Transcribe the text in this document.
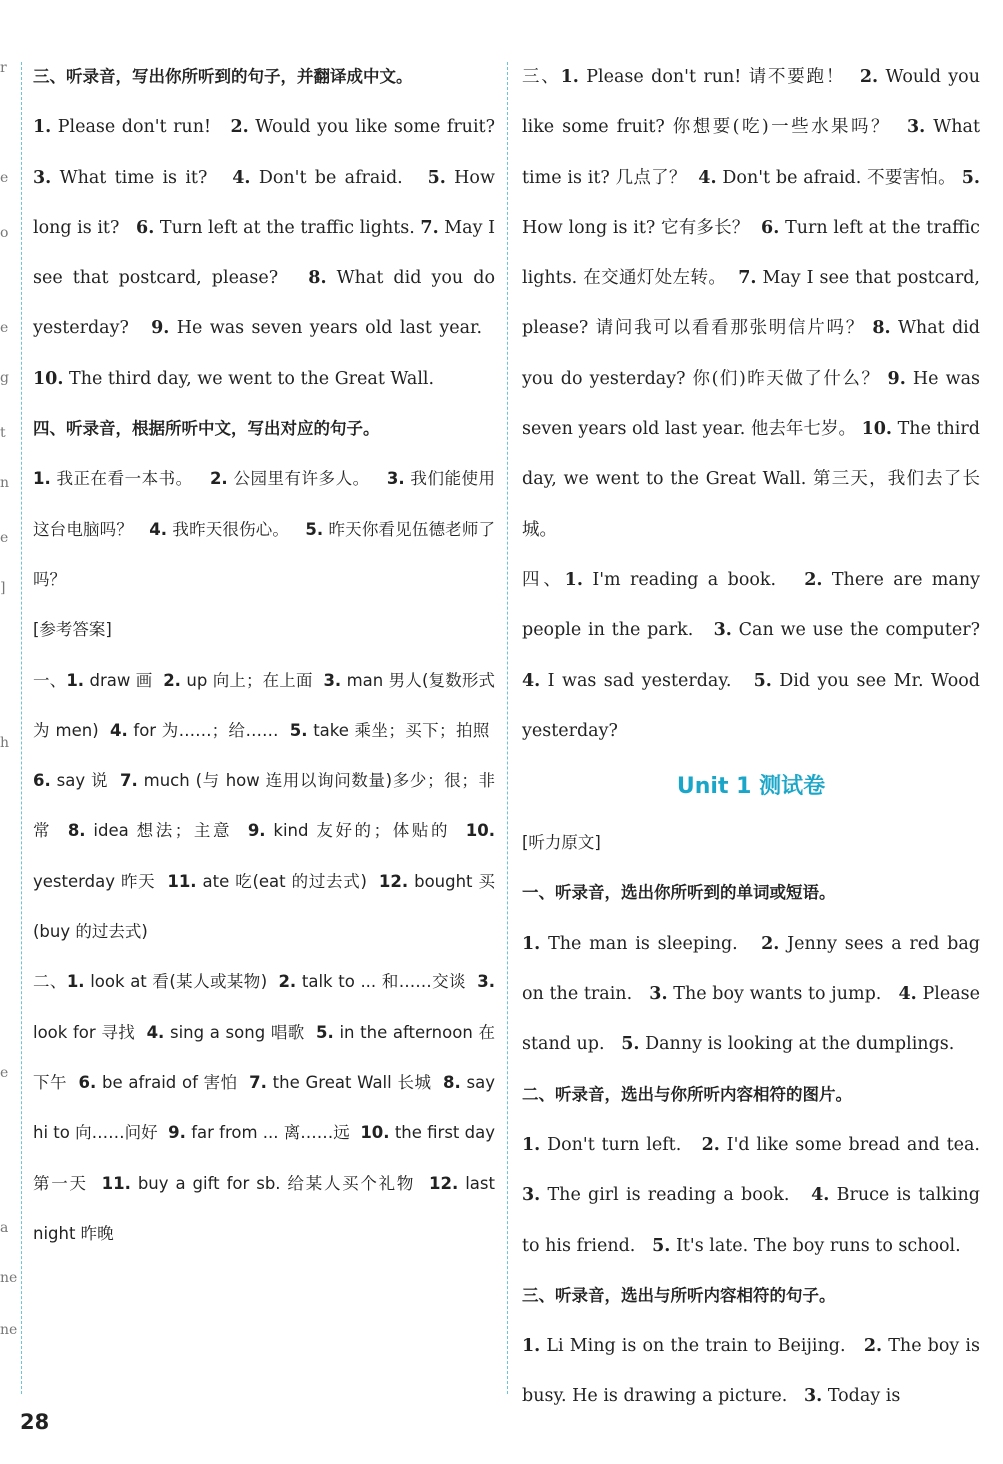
r
e
o
e
g
t
n
e
]
h
e
a
ne
ne

三、听录音，写出你所听到的句子，并翻译成中文。

1. Please don't run! 2. Would you like some fruit? 3. What time is it? 4. Don't be afraid. 5. How long is it? 6. Turn left at the traffic lights. 7. May I see that postcard, please? 8. What did you do yesterday? 9. He was seven years old last year.   10. The third day, we went to the Great Wall.

四、听录音，根据所听中文，写出对应的句子。

1. 我正在看一本书。 2. 公园里有许多人。 3. 我们能使用这台电脑吗？ 4. 我昨天很伤心。 5. 昨天你看见伍德老师了吗？

[参考答案]

一、1. draw 画 2. up 向上；在上面 3. man 男人(复数形式为 men) 4. for 为……；给…… 5. take 乘坐；买下；拍照  6. say 说 7. much (与 how 连用以询问数量)多少；很；非常 8. idea 想法；主意 9. kind 友好的；体贴的 10. yesterday 昨天 11. ate 吃(eat 的过去式) 12. bought 买(buy 的过去式)

二、1. look at 看(某人或某物) 2. talk to ... 和……交谈 3. look for 寻找 4. sing a song 唱歌 5. in the afternoon 在下午 6. be afraid of 害怕 7. the Great Wall 长城 8. say hi to 向……问好 9. far from ... 离……远 10. the first day 第一天 11. buy a gift for sb. 给某人买个礼物 12. last night 昨晚

三、1. Please don't run! 请不要跑！ 2. Would you like some fruit? 你想要(吃)一些水果吗？ 3. What time is it? 几点了？ 4. Don't be afraid. 不要害怕。 5. How long is it? 它有多长？ 6. Turn left at the traffic lights. 在交通灯处左转。 7. May I see that postcard, please? 请问我可以看看那张明信片吗？ 8. What did you do yesterday? 你(们)昨天做了什么？ 9. He was seven years old last year. 他去年七岁。 10. The third day, we went to the Great Wall. 第三天，我们去了长城。

四、1. I'm reading a book. 2. There are many people in the park. 3. Can we use the computer? 4. I was sad yesterday. 5. Did you see Mr. Wood yesterday?

Unit 1 测试卷

[听力原文]

一、听录音，选出你所听到的单词或短语。

1. The man is sleeping. 2. Jenny sees a red bag on the train. 3. The boy wants to jump. 4. Please stand up. 5. Danny is looking at the dumplings.

二、听录音，选出与你所听内容相符的图片。

1. Don't turn left. 2. I'd like some bread and tea. 3. The girl is reading a book. 4. Bruce is talking to his friend. 5. It's late. The boy runs to school.

三、听录音，选出与所听内容相符的句子。

1. Li Ming is on the train to Beijing. 2. The boy is busy. He is drawing a picture. 3. Today is

28
